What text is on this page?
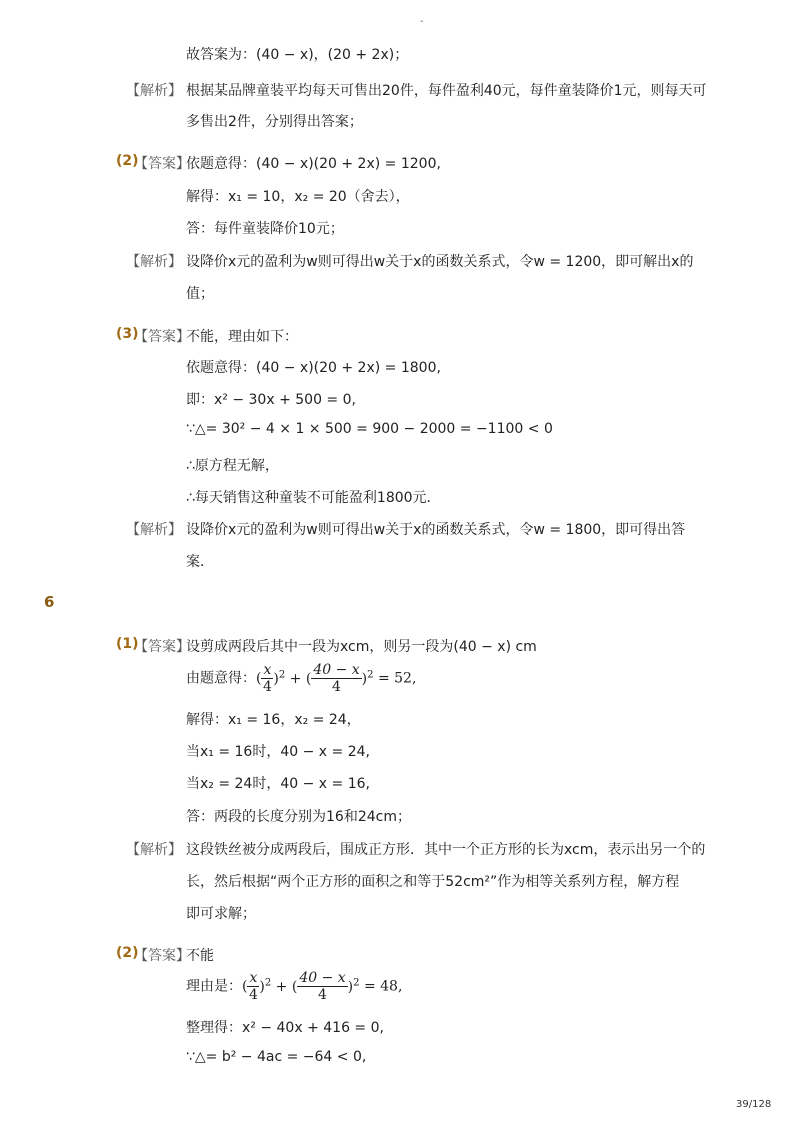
-
故答案为：(40 − x)，(20 + 2x)；
【解析】 根据某品牌童装平均每天可售出20件，每件盈利40元，每件童装降价1元，则每天可
多售出2件，分别得出答案；
(2)
【答案】
依题意得：(40 − x)(20 + 2x) = 1200,
解得：x₁ = 10，x₂ = 20（舍去），
答：每件童装降价10元；
【解析】 设降价x元的盈利为w则可得出w关于x的函数关系式，令w = 1200，即可解出x的
值；
(3)
【答案】
不能，理由如下：
依题意得：(40 − x)(20 + 2x) = 1800,
即：x² − 30x + 500 = 0,
∵△= 30² − 4 × 1 × 500 = 900 − 2000 = −1100 < 0
∴原方程无解，
∴每天销售这种童装不可能盈利1800元．
【解析】 设降价x元的盈利为w则可得出w关于x的函数关系式，令w = 1800，即可得出答
案．
6
(1)
【答案】
设剪成两段后其中一段为xcm，则另一段为(40 − x) cm
由题意得：( $\frac{x}{4} )^2$ + ( $\frac{40 - x}{4} )^2 = 52$,
解得：x₁ = 16，x₂ = 24，
当x₁ = 16时，40 − x = 24,
当x₂ = 24时，40 − x = 16,
答：两段的长度分别为16和24cm；
【解析】 这段铁丝被分成两段后，围成正方形．其中一个正方形的长为xcm，表示出另一个的
长，然后根据“两个正方形的面积之和等于52cm²”作为相等关系列方程，解方程
即可求解；
(2)
【答案】
不能
理由是：( $\frac{x}{4} )^2$ + ( $\frac{40 - x}{4} )^2 = 48$,
整理得：x² − 40x + 416 = 0,
∵△= b² − 4ac = −64 < 0,
39/128
